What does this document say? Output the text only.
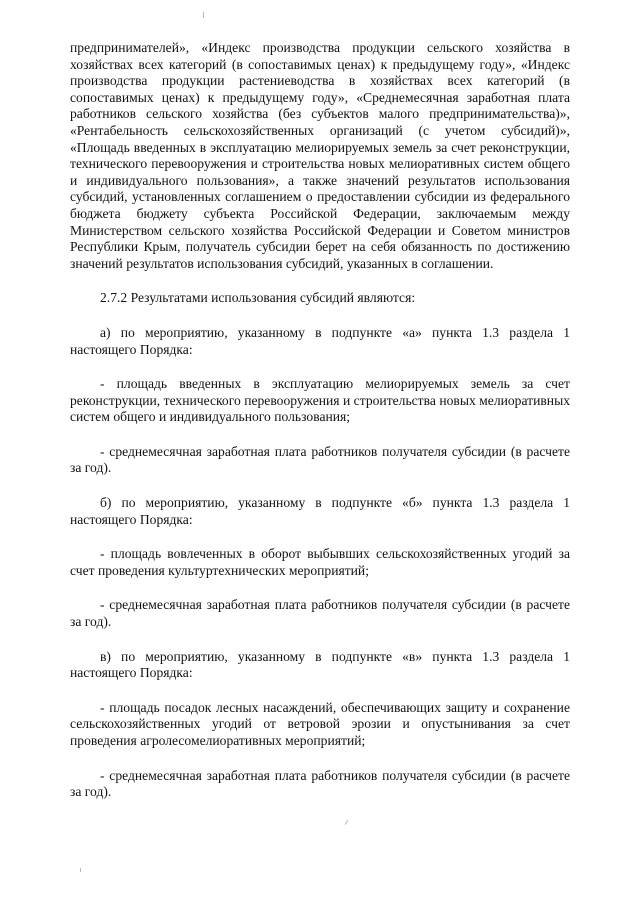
предпринимателей», «Индекс производства продукции сельского хозяйства в хозяйствах всех категорий (в сопоставимых ценах) к предыдущему году», «Индекс производства продукции растениеводства в хозяйствах всех категорий (в сопоставимых ценах) к предыдущему году», «Среднемесячная заработная плата работников сельского хозяйства (без субъектов малого предпринимательства)», «Рентабельность сельскохозяйственных организаций (с учетом субсидий)», «Площадь введенных в эксплуатацию мелиорируемых земель за счет реконструкции, технического перевооружения и строительства новых мелиоративных систем общего и индивидуального пользования», а также значений результатов использования субсидий, установленных соглашением о предоставлении субсидии из федерального бюджета бюджету субъекта Российской Федерации, заключаемым между Министерством сельского хозяйства Российской Федерации и Советом министров Республики Крым, получатель субсидии берет на себя обязанность по достижению значений результатов использования субсидий, указанных в соглашении.

2.7.2 Результатами использования субсидий являются:

а) по мероприятию, указанному в подпункте «а» пункта 1.3 раздела 1 настоящего Порядка:

- площадь введенных в эксплуатацию мелиорируемых земель за счет реконструкции, технического перевооружения и строительства новых мелиоративных систем общего и индивидуального пользования;

- среднемесячная заработная плата работников получателя субсидии (в расчете за год).

б) по мероприятию, указанному в подпункте «б» пункта 1.3 раздела 1 настоящего Порядка:

- площадь вовлеченных в оборот выбывших сельскохозяйственных угодий за счет проведения культуртехнических мероприятий;

- среднемесячная заработная плата работников получателя субсидии (в расчете за год).

в) по мероприятию, указанному в подпункте «в» пункта 1.3 раздела 1 настоящего Порядка:

- площадь посадок лесных насаждений, обеспечивающих защиту и сохранение сельскохозяйственных угодий от ветровой эрозии и опустынивания за счет проведения агролесомелиоративных мероприятий;

- среднемесячная заработная плата работников получателя субсидии (в расчете за год).
